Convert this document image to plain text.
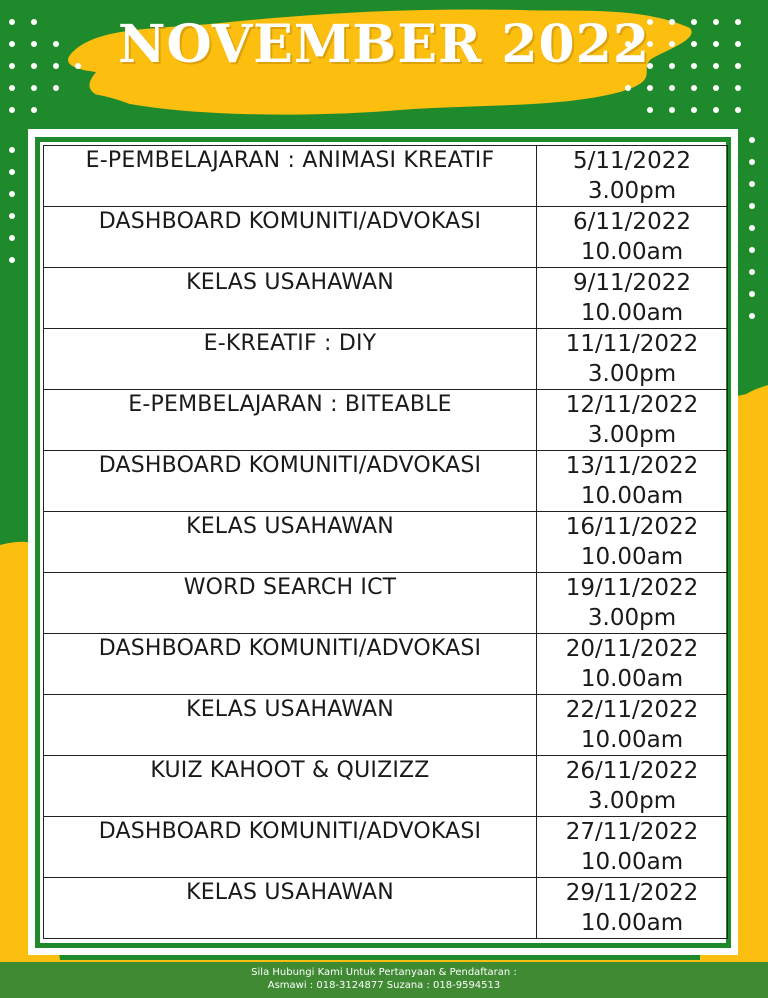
NOVEMBER 2022
E-PEMBELAJARAN : ANIMASI KREATIF	5/11/2022
3.00pm

DASHBOARD KOMUNITI/ADVOKASI	6/11/2022
10.00am

KELAS USAHAWAN	9/11/2022
10.00am

E-KREATIF : DIY	11/11/2022
3.00pm

E-PEMBELAJARAN : BITEABLE	12/11/2022
3.00pm

DASHBOARD KOMUNITI/ADVOKASI	13/11/2022
10.00am

KELAS USAHAWAN	16/11/2022
10.00am

WORD SEARCH ICT	19/11/2022
3.00pm

DASHBOARD KOMUNITI/ADVOKASI	20/11/2022
10.00am

KELAS USAHAWAN	22/11/2022
10.00am

KUIZ KAHOOT & QUIZIZZ	26/11/2022
3.00pm

DASHBOARD KOMUNITI/ADVOKASI	27/11/2022
10.00am

KELAS USAHAWAN	29/11/2022
10.00am
Sila Hubungi Kami Untuk Pertanyaan & Pendaftaran :
Asmawi : 018-3124877 Suzana : 018-9594513
